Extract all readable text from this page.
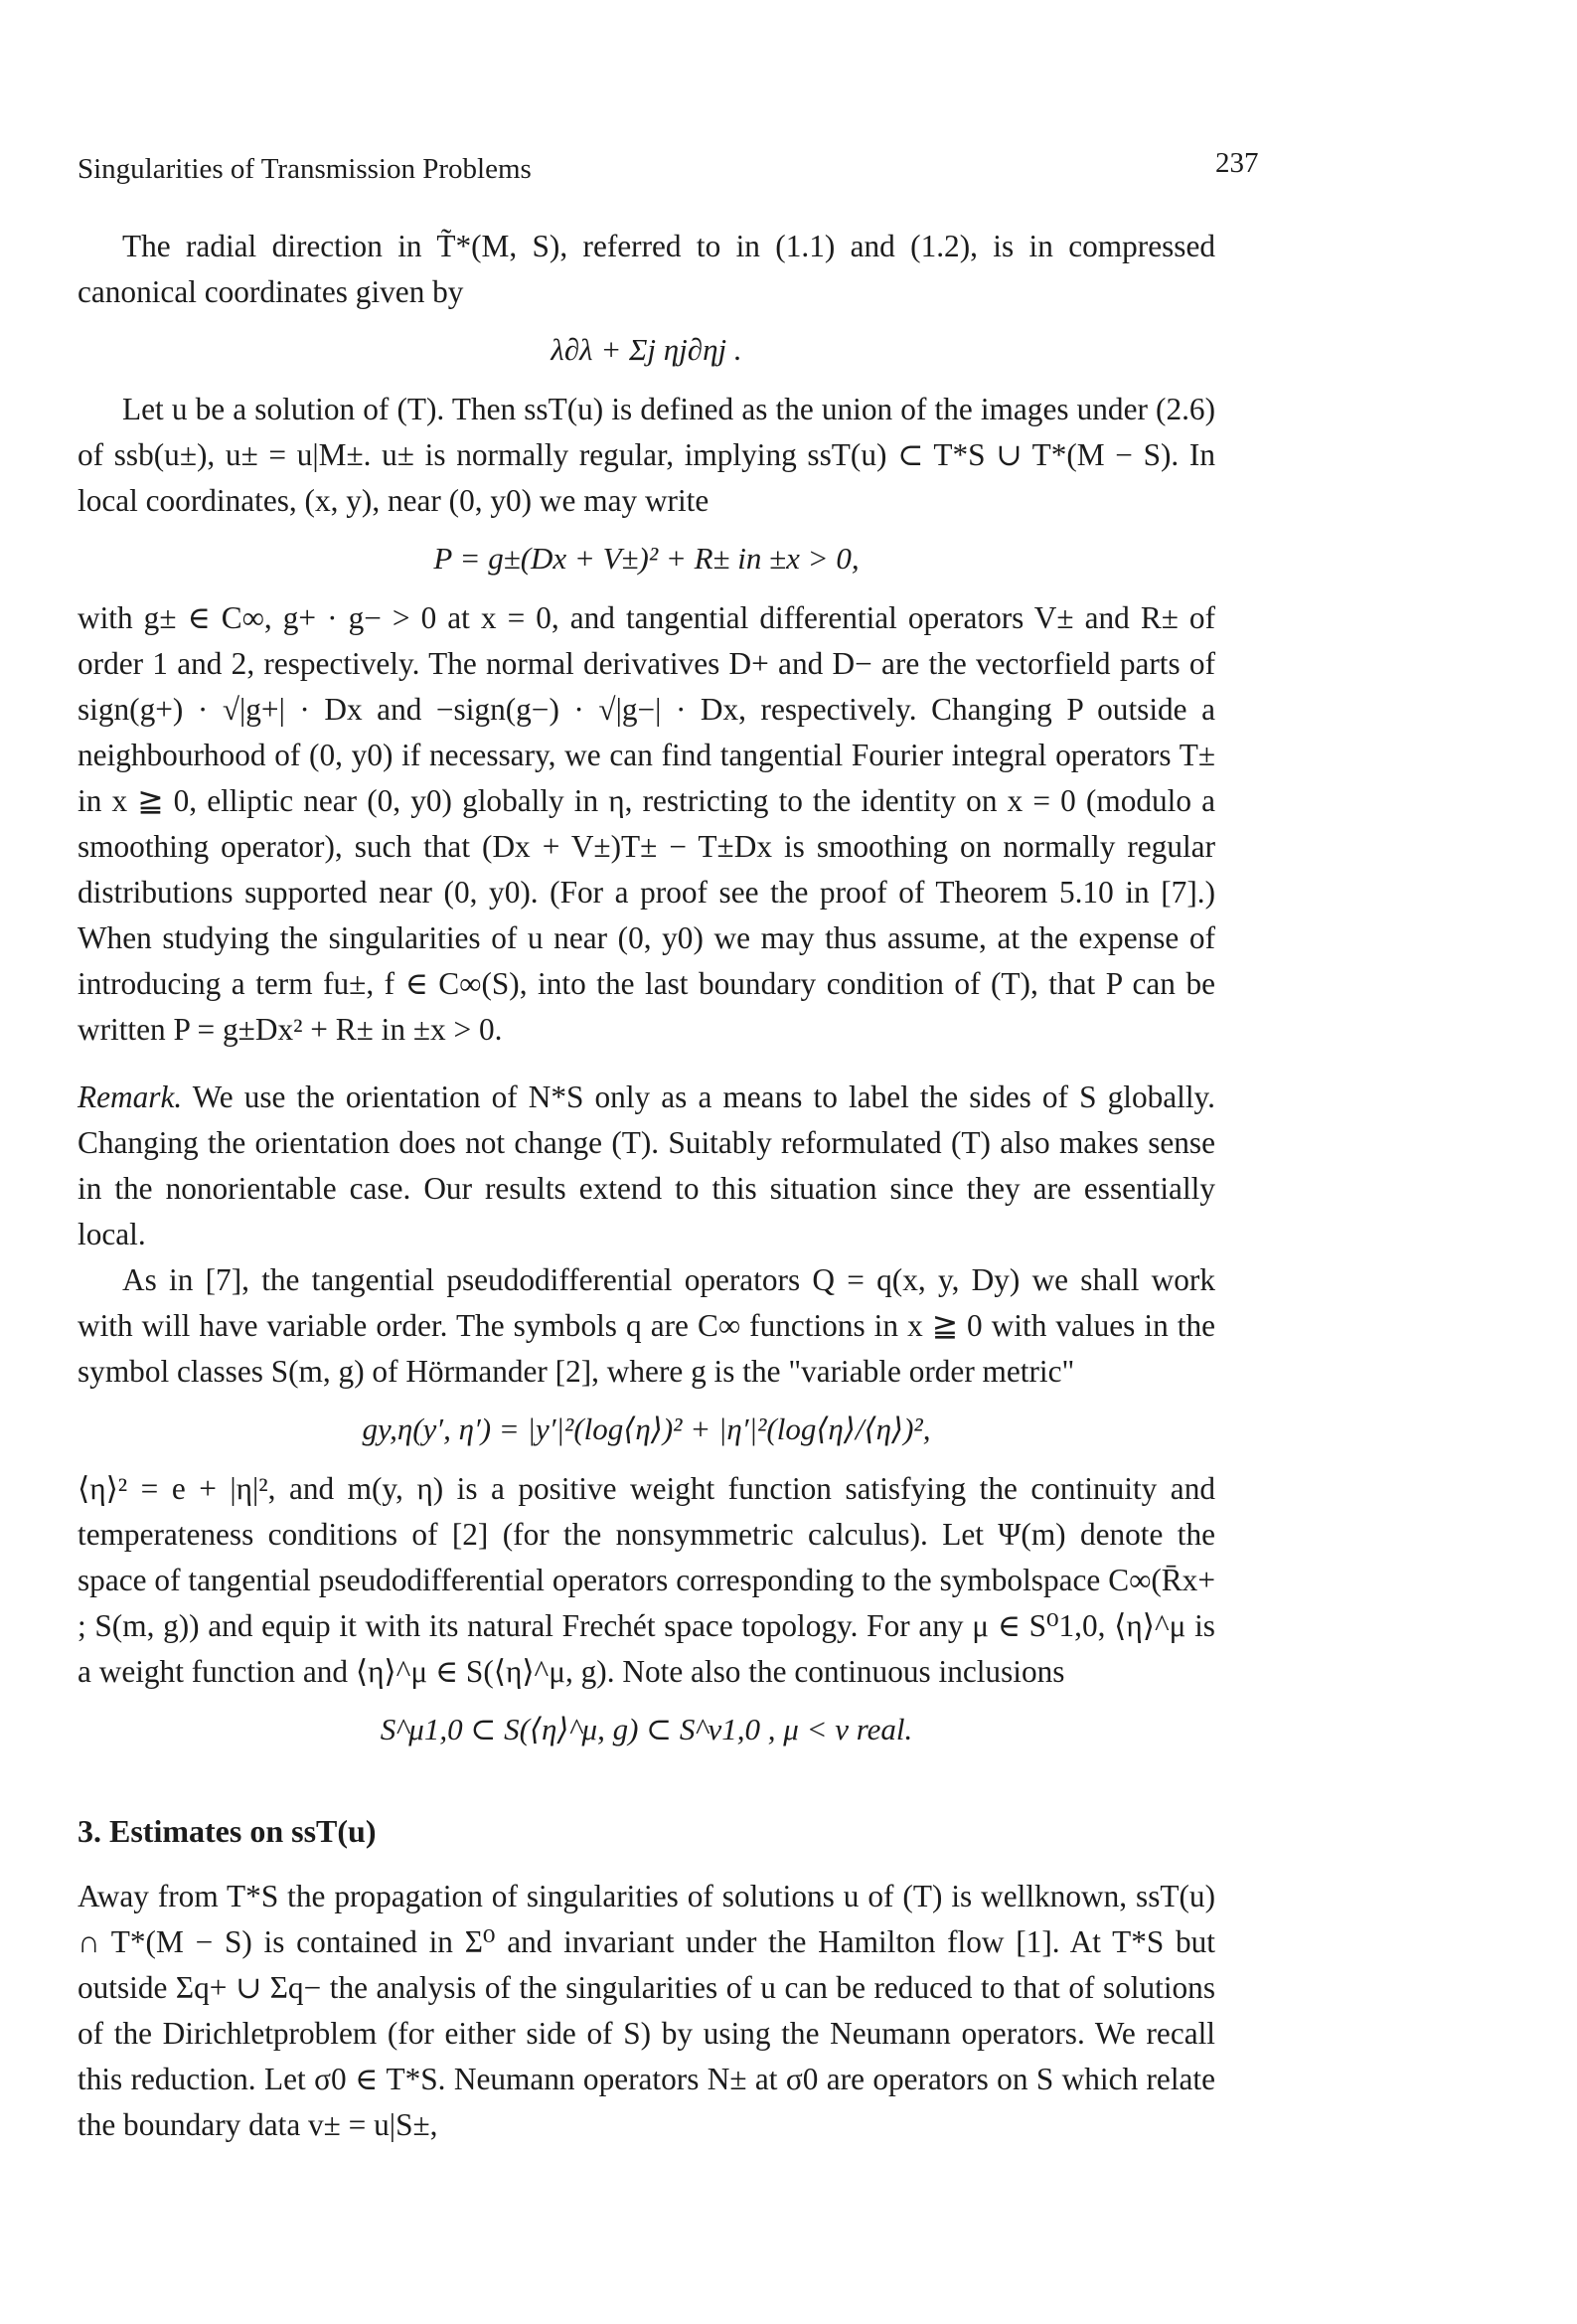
Singularities of Transmission Problems	237

The radial direction in T̃*(M, S), referred to in (1.1) and (1.2), is in compressed canonical coordinates given by

λ∂λ + Σj ηj∂ηj .

Let u be a solution of (T). Then ssT(u) is defined as the union of the images under (2.6) of ssb(u±), u± = u|M±. u± is normally regular, implying ssT(u) ⊂ T*S ∪ T*(M − S). In local coordinates, (x, y), near (0, y0) we may write

P = g±(Dx + V±)² + R± in ±x > 0,

with g± ∈ C∞, g+ · g− > 0 at x = 0, and tangential differential operators V± and R± of order 1 and 2, respectively. The normal derivatives D+ and D− are the vectorfield parts of sign(g+) · √|g+| · Dx and −sign(g−) · √|g−| · Dx, respectively. Changing P outside a neighbourhood of (0, y0) if necessary, we can find tangential Fourier integral operators T± in x ≧ 0, elliptic near (0, y0) globally in η, restricting to the identity on x = 0 (modulo a smoothing operator), such that (Dx + V±)T± − T±Dx is smoothing on normally regular distributions supported near (0, y0). (For a proof see the proof of Theorem 5.10 in [7].) When studying the singularities of u near (0, y0) we may thus assume, at the expense of introducing a term fu±, f ∈ C∞(S), into the last boundary condition of (T), that P can be written P = g±Dx² + R± in ±x > 0.

Remark. We use the orientation of N*S only as a means to label the sides of S globally. Changing the orientation does not change (T). Suitably reformulated (T) also makes sense in the nonorientable case. Our results extend to this situation since they are essentially local.

As in [7], the tangential pseudodifferential operators Q = q(x, y, Dy) we shall work with will have variable order. The symbols q are C∞ functions in x ≧ 0 with values in the symbol classes S(m, g) of Hörmander [2], where g is the "variable order metric"

gy,η(y′, η′) = |y′|²(log⟨η⟩)² + |η′|²(log⟨η⟩/⟨η⟩)²,

⟨η⟩² = e + |η|², and m(y, η) is a positive weight function satisfying the continuity and temperateness conditions of [2] (for the nonsymmetric calculus). Let Ψ(m) denote the space of tangential pseudodifferential operators corresponding to the symbolspace C∞(R̄x+ ; S(m, g)) and equip it with its natural Frechét space topology. For any μ ∈ S⁰1,0, ⟨η⟩^μ is a weight function and ⟨η⟩^μ ∈ S(⟨η⟩^μ, g). Note also the continuous inclusions

S^μ1,0 ⊂ S(⟨η⟩^μ, g) ⊂ S^ν1,0 , μ < ν real.
3. Estimates on ssT(u)

Away from T*S the propagation of singularities of solutions u of (T) is wellknown, ssT(u) ∩ T*(M − S) is contained in Σ⁰ and invariant under the Hamilton flow [1]. At T*S but outside Σq+ ∪ Σq− the analysis of the singularities of u can be reduced to that of solutions of the Dirichletproblem (for either side of S) by using the Neumann operators. We recall this reduction. Let σ0 ∈ T*S. Neumann operators N± at σ0 are operators on S which relate the boundary data v± = u|S±,
